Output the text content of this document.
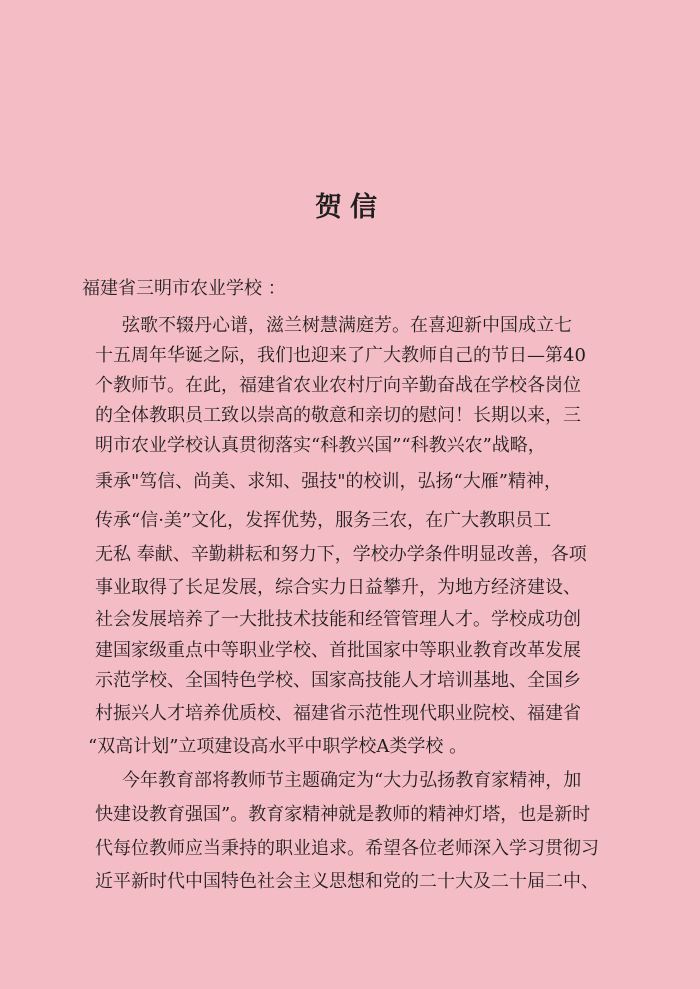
贺信
福建省三明市农业学校 ：
弦歌不辍丹心谱，滋兰树慧满庭芳。在喜迎新中国成立七
十五周年华诞之际，我们也迎来了广大教师自己的节日—第40
个教师节。在此，福建省农业农村厅向辛勤奋战在学校各岗位
的全体教职员工致以崇高的敬意和亲切的慰问！长期以来，三
明市农业学校认真贯彻落实“科教兴国”“科教兴农”战略，
秉承"笃信、尚美、求知、强技"的校训，弘扬“大雁”精神，
传承“信·美”文化，发挥优势，服务三农，在广大教职员工
无私 奉献、辛勤耕耘和努力下，学校办学条件明显改善，各项
事业取得了长足发展，综合实力日益攀升，为地方经济建设、
社会发展培养了一大批技术技能和经管管理人才。学校成功创
建国家级重点中等职业学校、首批国家中等职业教育改革发展
示范学校、全国特色学校、国家高技能人才培训基地、全国乡
村振兴人才培养优质校、福建省示范性现代职业院校、福建省
“双高计划”立项建设高水平中职学校A类学校 。
今年教育部将教师节主题确定为“大力弘扬教育家精神，加
快建设教育强国”。教育家精神就是教师的精神灯塔，也是新时
代每位教师应当秉持的职业追求。希望各位老师深入学习贯彻习
近平新时代中国特色社会主义思想和党的二十大及二十届二中、
